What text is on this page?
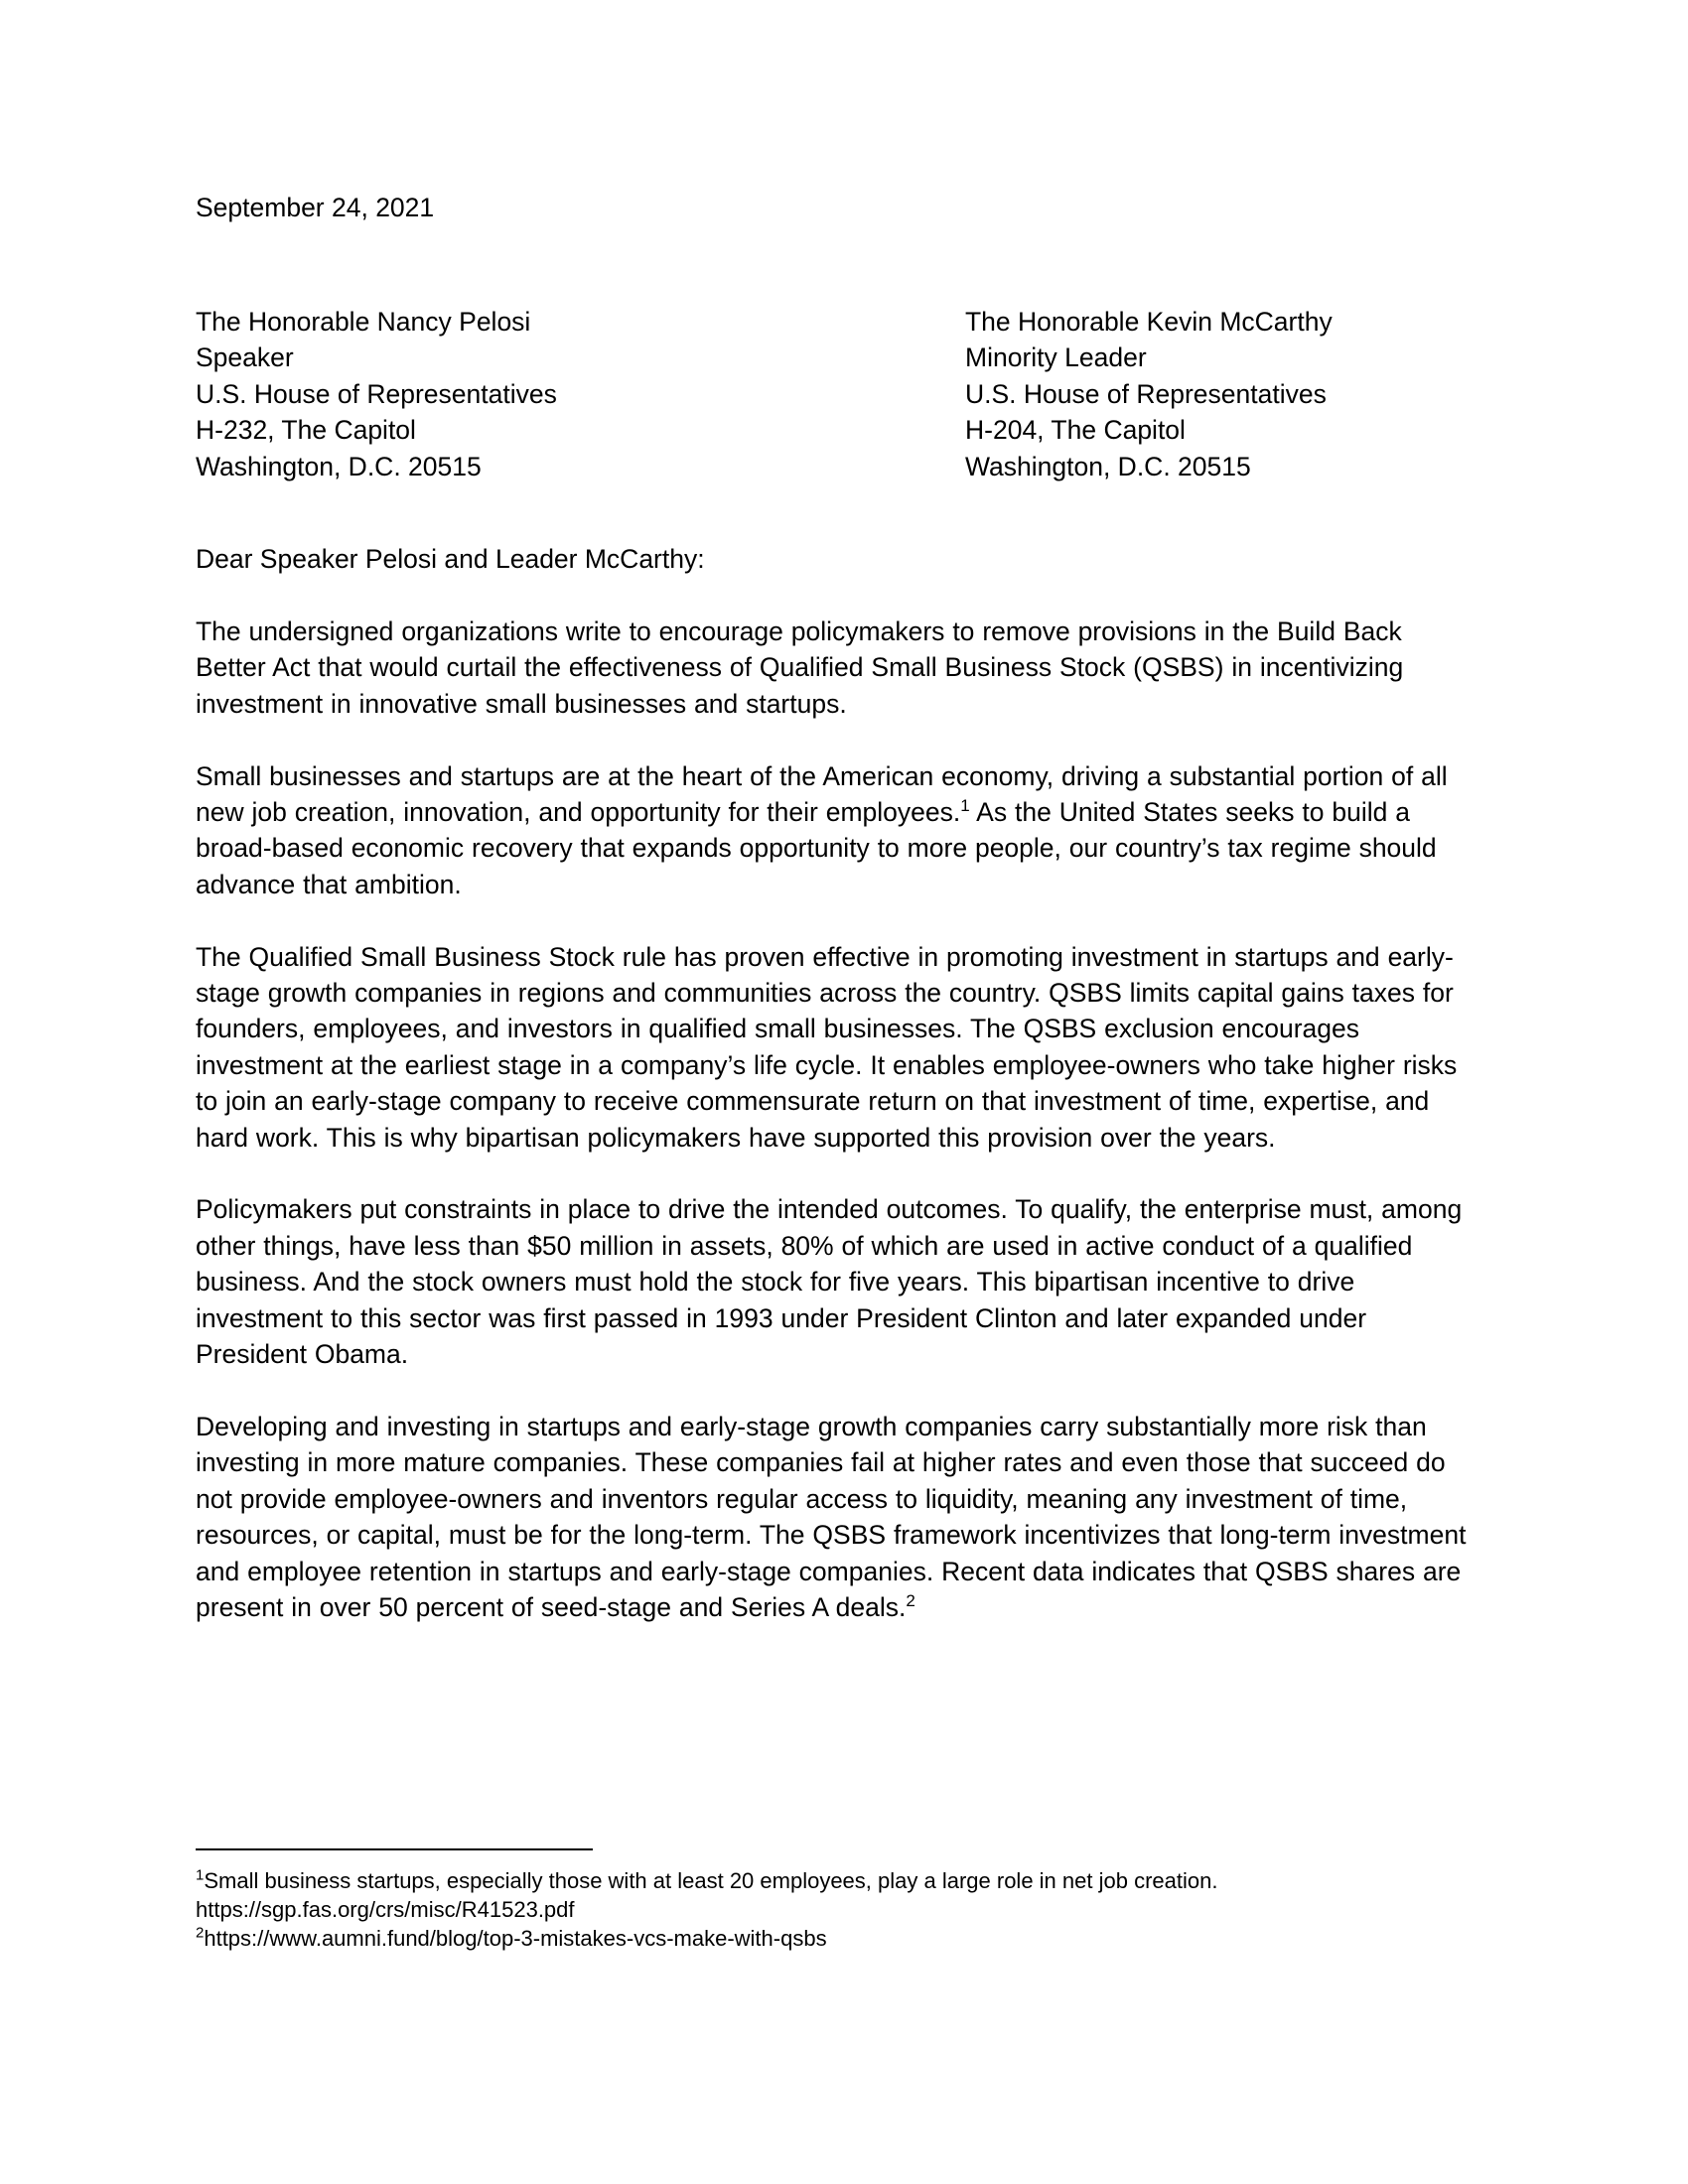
September 24, 2021
The Honorable Nancy Pelosi
Speaker
U.S. House of Representatives
H-232, The Capitol
Washington, D.C. 20515
The Honorable Kevin McCarthy
Minority Leader
U.S. House of Representatives
H-204, The Capitol
Washington, D.C. 20515
Dear Speaker Pelosi and Leader McCarthy:

The undersigned organizations write to encourage policymakers to remove provisions in the Build Back Better Act that would curtail the effectiveness of Qualified Small Business Stock (QSBS) in incentivizing investment in innovative small businesses and startups.

Small businesses and startups are at the heart of the American economy, driving a substantial portion of all new job creation, innovation, and opportunity for their employees.$^1$ As the United States seeks to build a broad-based economic recovery that expands opportunity to more people, our country’s tax regime should advance that ambition.

The Qualified Small Business Stock rule has proven effective in promoting investment in startups and early-stage growth companies in regions and communities across the country. QSBS limits capital gains taxes for founders, employees, and investors in qualified small businesses. The QSBS exclusion encourages investment at the earliest stage in a company’s life cycle. It enables employee-owners who take higher risks to join an early-stage company to receive commensurate return on that investment of time, expertise, and hard work. This is why bipartisan policymakers have supported this provision over the years.

Policymakers put constraints in place to drive the intended outcomes. To qualify, the enterprise must, among other things, have less than $50 million in assets, 80% of which are used in active conduct of a qualified business. And the stock owners must hold the stock for five years. This bipartisan incentive to drive investment to this sector was first passed in 1993 under President Clinton and later expanded under President Obama.

Developing and investing in startups and early-stage growth companies carry substantially more risk than investing in more mature companies. These companies fail at higher rates and even those that succeed do not provide employee-owners and inventors regular access to liquidity, meaning any investment of time, resources, or capital, must be for the long-term. The QSBS framework incentivizes that long-term investment and employee retention in startups and early-stage companies. Recent data indicates that QSBS shares are present in over 50 percent of seed-stage and Series A deals.$^2$

$^1$Small business startups, especially those with at least 20 employees, play a large role in net job creation.

https://sgp.fas.org/crs/misc/R41523.pdf

$^2$https://www.aumni.fund/blog/top-3-mistakes-vcs-make-with-qsbs
